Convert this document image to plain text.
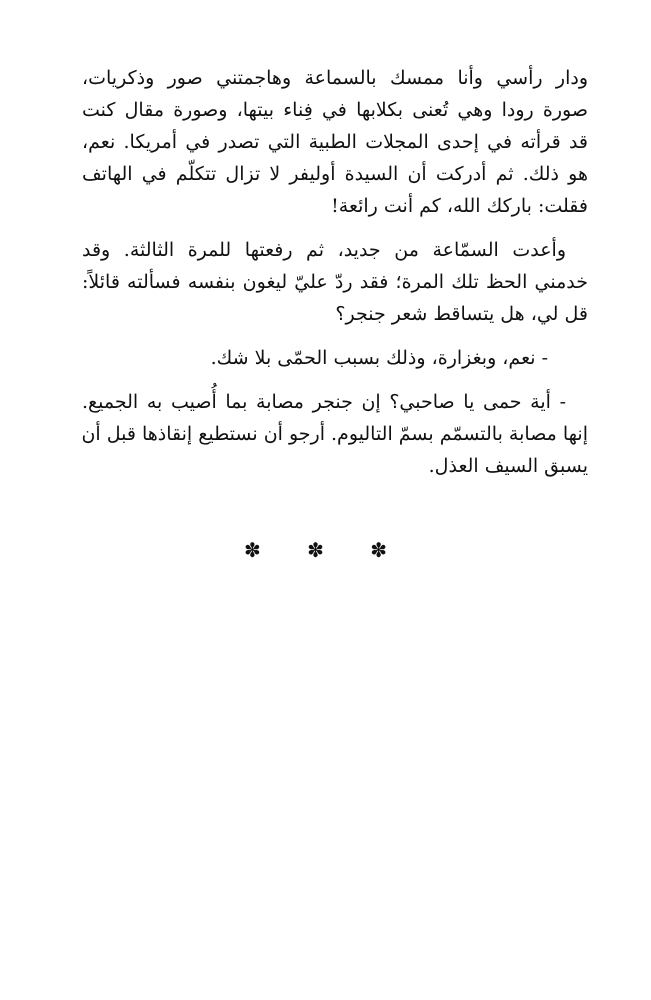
ودار رأسي وأنا ممسك بالسماعة وهاجمتني صور وذكريات،
صورة رودا وهي تُعنى بكلابها في فِناء بيتها، وصورة مقال كنت
قد قرأته في إحدى المجلات الطبية التي تصدر في أمريكا. نعم،
هو ذلك. ثم أدركت أن السيدة أوليفر لا تزال تتكلّم في الهاتف
فقلت: باركك الله، كم أنت رائعة!

وأعدت السمّاعة من جديد، ثم رفعتها للمرة الثالثة. وقد
خدمني الحظ تلك المرة؛ فقد ردّ عليّ ليغون بنفسه فسألته قائلاً:
قل لي، هل يتساقط شعر جنجر؟

- نعم، وبغزارة، وذلك بسبب الحمّى بلا شك.

- أية حمى يا صاحبي؟ إن جنجر مصابة بما أُصيب به الجميع.
إنها مصابة بالتسمّم بسمّ التاليوم. أرجو أن نستطيع إنقاذها قبل أن
يسبق السيف العذل.

✽ ✽ ✽
